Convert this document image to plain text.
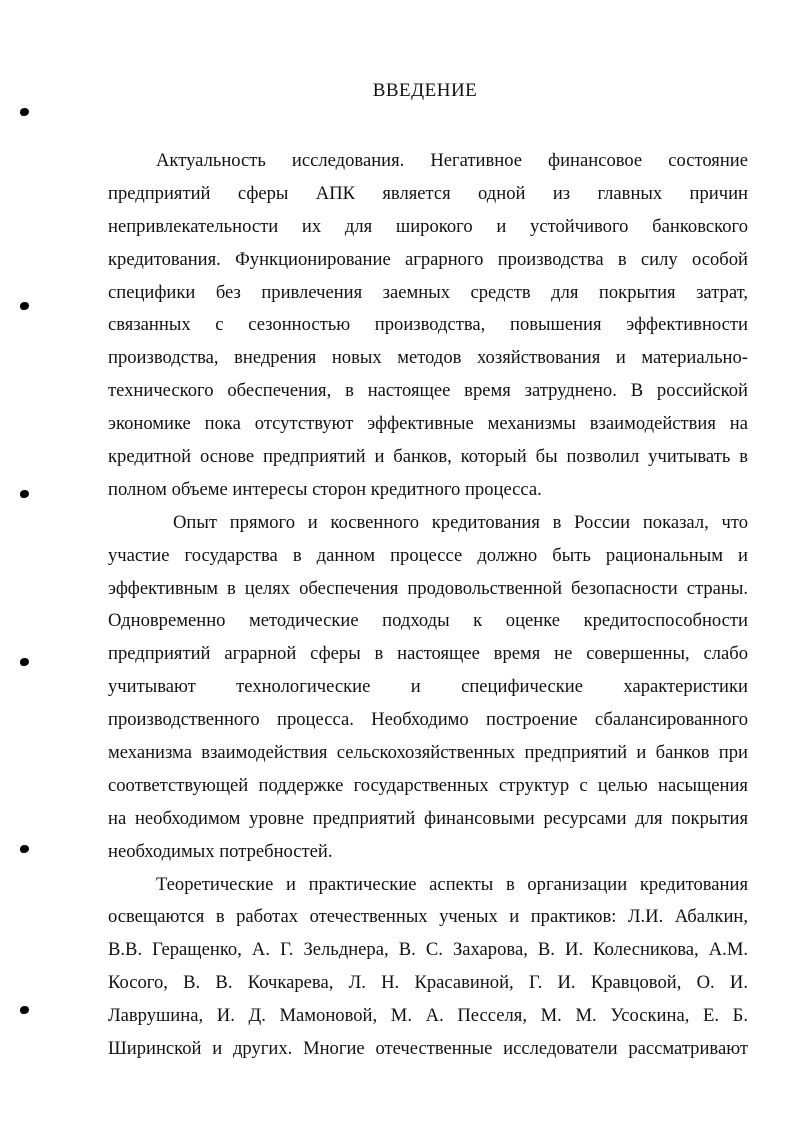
ВВЕДЕНИЕ
Актуальность исследования. Негативное финансовое состояние
предприятий сферы АПК является одной из главных причин
непривлекательности их для широкого и устойчивого банковского
кредитования. Функционирование аграрного производства в силу особой
специфики без привлечения заемных средств для покрытия затрат,
связанных с сезонностью производства, повышения эффективности
производства, внедрения новых методов хозяйствования и материально-
технического обеспечения, в настоящее время затруднено. В российской
экономике пока отсутствуют эффективные механизмы взаимодействия на
кредитной основе предприятий и банков, который бы позволил учитывать в
полном объеме интересы сторон кредитного процесса.
Опыт прямого и косвенного кредитования в России показал, что
участие государства в данном процессе должно быть рациональным и
эффективным в целях обеспечения продовольственной безопасности страны.
Одновременно методические подходы к оценке кредитоспособности
предприятий аграрной сферы в настоящее время не совершенны, слабо
учитывают технологические и специфические характеристики
производственного процесса. Необходимо построение сбалансированного
механизма взаимодействия сельскохозяйственных предприятий и банков при
соответствующей поддержке государственных структур с целью насыщения
на необходимом уровне предприятий финансовыми ресурсами для покрытия
необходимых потребностей.
Теоретические и практические аспекты в организации кредитования
освещаются в работах отечественных ученых и практиков: Л.И. Абалкин,
В.В. Геращенко, А. Г. Зельднера, В. С. Захарова, В. И. Колесникова, А.М.
Косого, В. В. Кочкарева, Л. Н. Красавиной, Г. И. Кравцовой, О. И.
Лаврушина, И. Д. Мамоновой, М. А. Песселя, М. М. Усоскина, Е. Б.
Ширинской и других. Многие отечественные исследователи рассматривают
